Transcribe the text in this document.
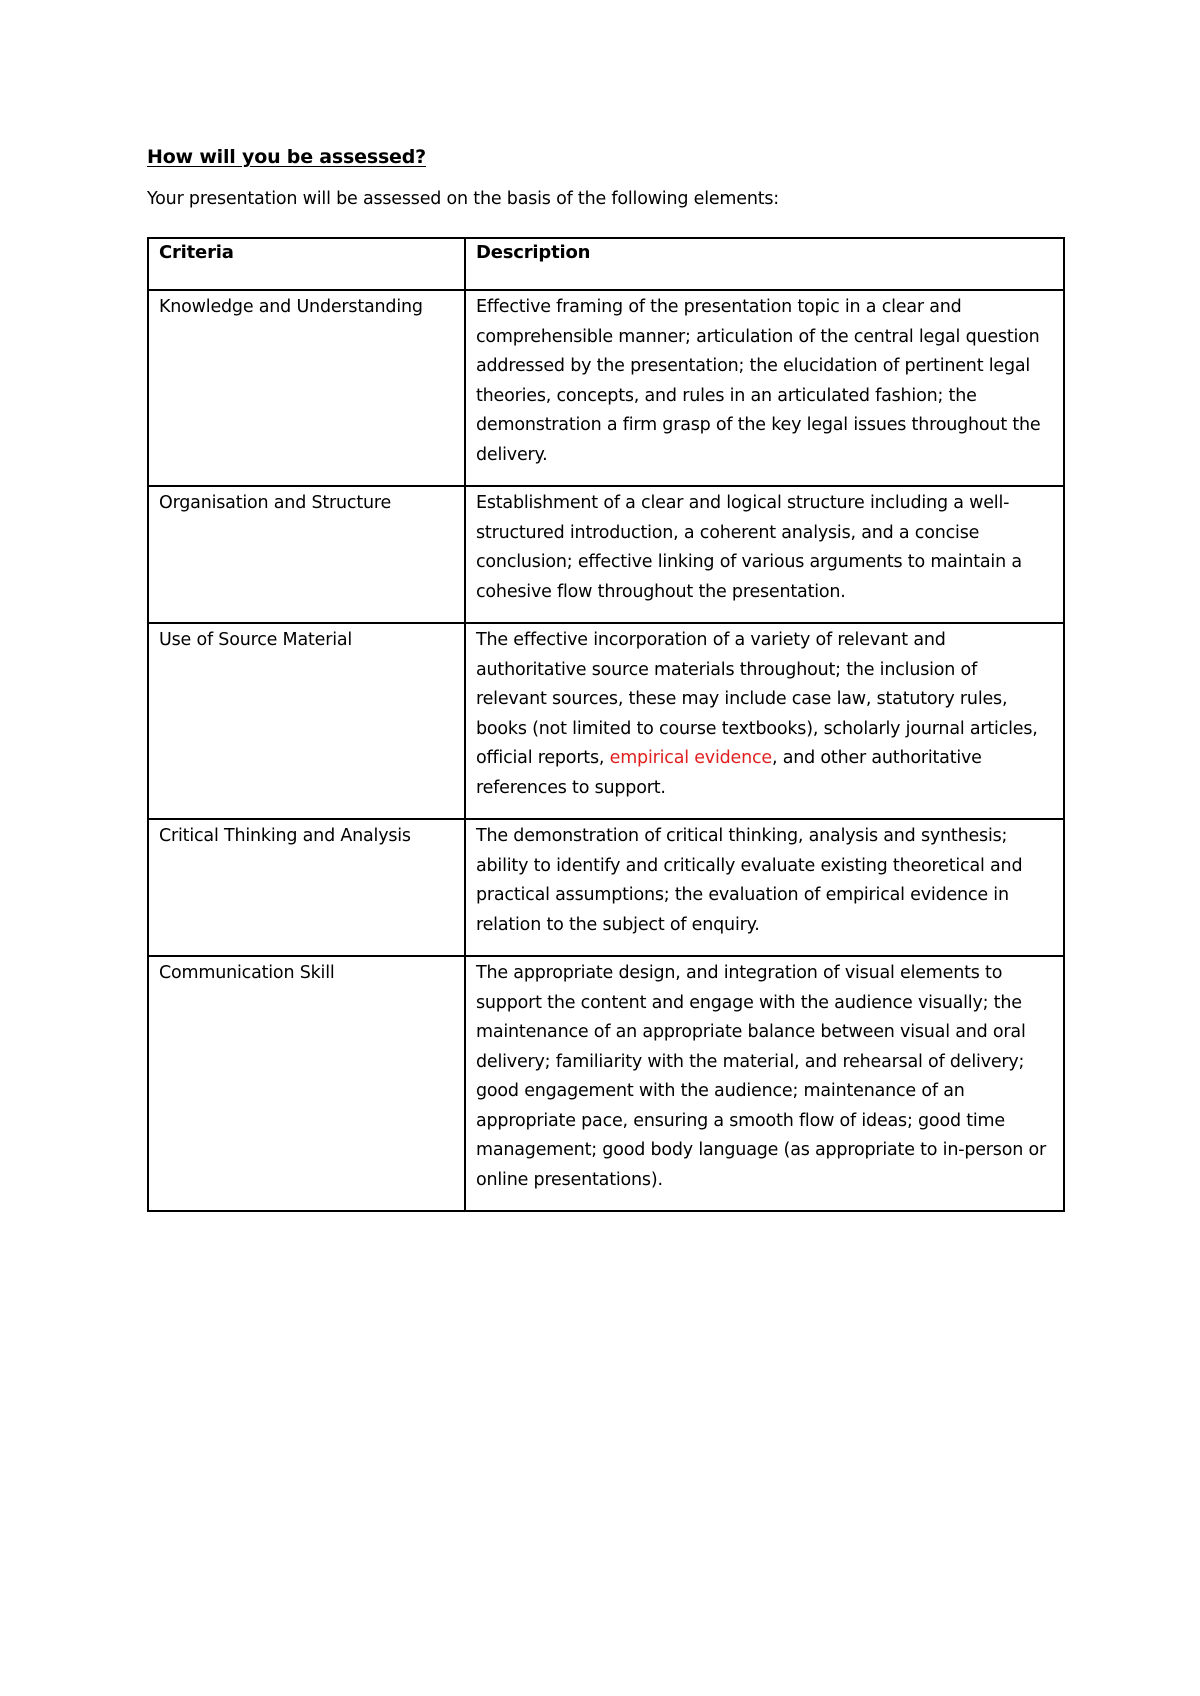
How will you be assessed?

Your presentation will be assessed on the basis of the following elements:

Criteria	Description
Knowledge and Understanding	Effective framing of the presentation topic in a clear and comprehensible manner; articulation of the central legal question addressed by the presentation; the elucidation of pertinent legal theories, concepts, and rules in an articulated fashion; the demonstration a firm grasp of the key legal issues throughout the delivery.
Organisation and Structure	Establishment of a clear and logical structure including a well-structured introduction, a coherent analysis, and a concise conclusion; effective linking of various arguments to maintain a cohesive flow throughout the presentation.
Use of Source Material	The effective incorporation of a variety of relevant and authoritative source materials throughout; the inclusion of relevant sources, these may include case law, statutory rules, books (not limited to course textbooks), scholarly journal articles, official reports, empirical evidence, and other authoritative references to support.
Critical Thinking and Analysis	The demonstration of critical thinking, analysis and synthesis; ability to identify and critically evaluate existing theoretical and practical assumptions; the evaluation of empirical evidence in relation to the subject of enquiry.
Communication Skill	The appropriate design, and integration of visual elements to support the content and engage with the audience visually; the maintenance of an appropriate balance between visual and oral delivery; familiarity with the material, and rehearsal of delivery; good engagement with the audience; maintenance of an appropriate pace, ensuring a smooth flow of ideas; good time management; good body language (as appropriate to in-person or online presentations).
